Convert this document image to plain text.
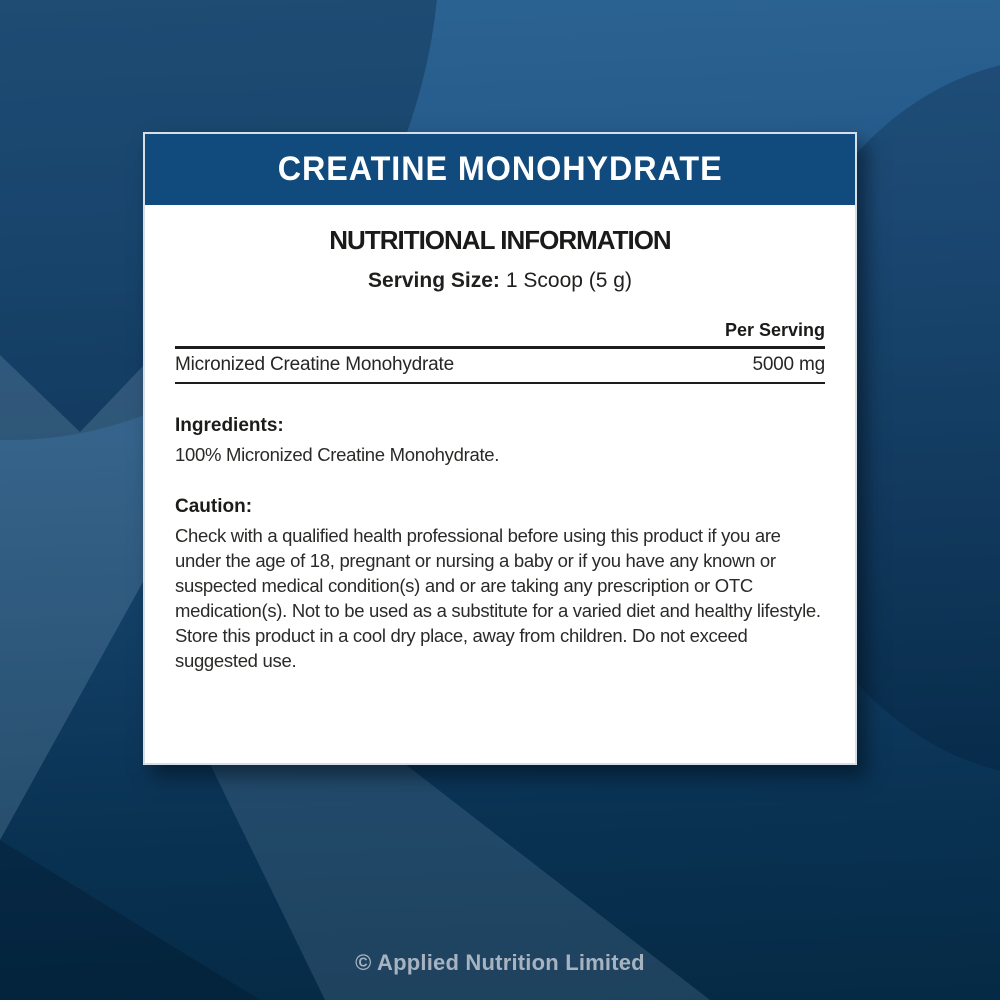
CREATINE MONOHYDRATE
NUTRITIONAL INFORMATION

Serving Size: 1 Scoop (5 g)

Per Serving
Micronized Creatine Monohydrate	5000 mg

Ingredients:

100% Micronized Creatine Monohydrate.

Caution:

Check with a qualified health professional before using this product if you are under the age of 18, pregnant or nursing a baby or if you have any known or suspected medical condition(s) and or are taking any prescription or OTC medication(s). Not to be used as a substitute for a varied diet and healthy lifestyle. Store this product in a cool dry place, away from children. Do not exceed suggested use.

© Applied Nutrition Limited
